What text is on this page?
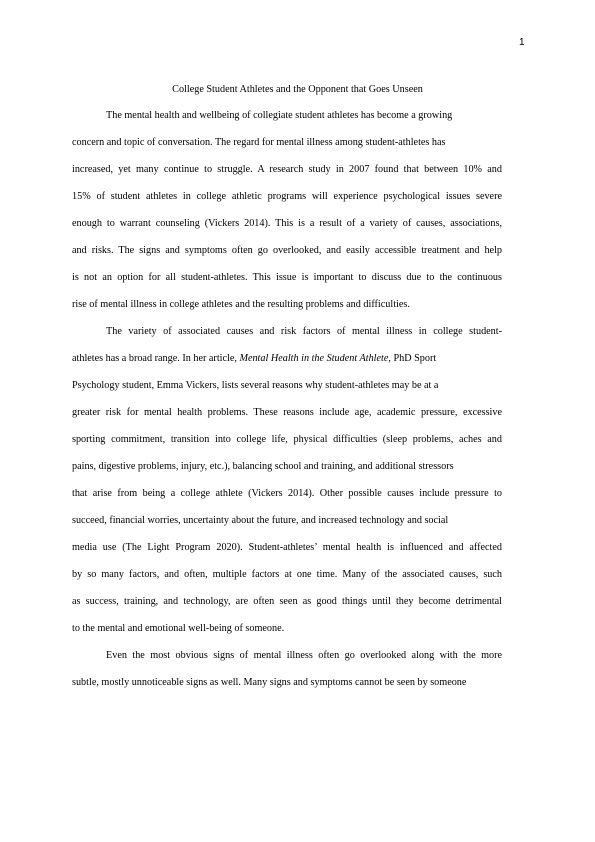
1
College Student Athletes and the Opponent that Goes Unseen
The mental health and wellbeing of collegiate student athletes has become a growing
concern and topic of conversation. The regard for mental illness among student-athletes has
increased, yet many continue to struggle. A research study in 2007 found that between 10% and
15% of student athletes in college athletic programs will experience psychological issues severe
enough to warrant counseling (Vickers 2014). This is a result of a variety of causes, associations,
and risks. The signs and symptoms often go overlooked, and easily accessible treatment and help
is not an option for all student-athletes. This issue is important to discuss due to the continuous
rise of mental illness in college athletes and the resulting problems and difficulties.
The variety of associated causes and risk factors of mental illness in college student-
athletes has a broad range. In her article, Mental Health in the Student Athlete, PhD Sport
Psychology student, Emma Vickers, lists several reasons why student-athletes may be at a
greater risk for mental health problems. These reasons include age, academic pressure, excessive
sporting commitment, transition into college life, physical difficulties (sleep problems, aches and
pains, digestive problems, injury, etc.), balancing school and training, and additional stressors
that arise from being a college athlete (Vickers 2014). Other possible causes include pressure to
succeed, financial worries, uncertainty about the future, and increased technology and social
media use (The Light Program 2020). Student-athletes’ mental health is influenced and affected
by so many factors, and often, multiple factors at one time. Many of the associated causes, such
as success, training, and technology, are often seen as good things until they become detrimental
to the mental and emotional well-being of someone.
Even the most obvious signs of mental illness often go overlooked along with the more
subtle, mostly unnoticeable signs as well. Many signs and symptoms cannot be seen by someone
